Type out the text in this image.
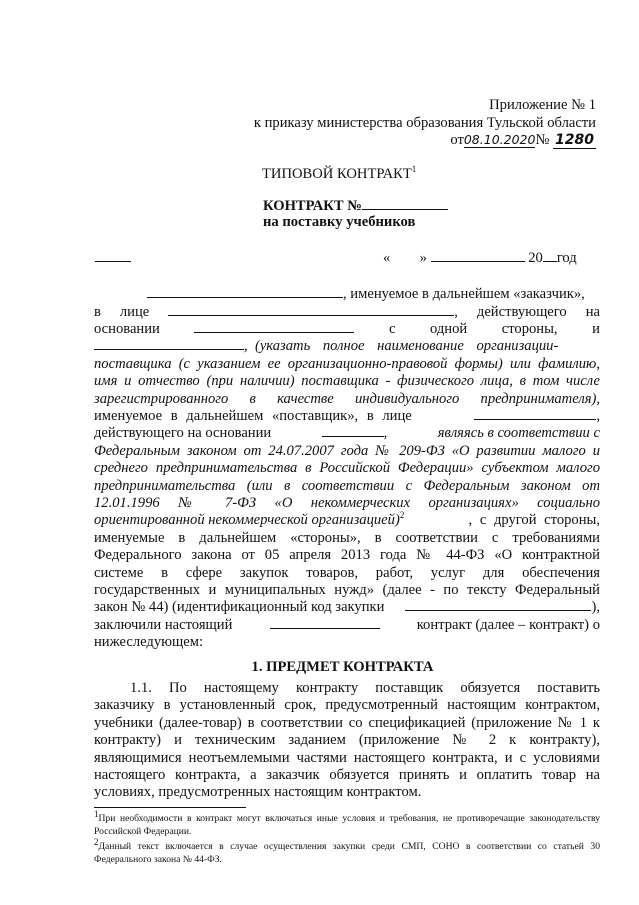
Приложение № 1
к приказу министерства образования Тульской области
от08.10.2020№ 1280
ТИПОВОЙ КОНТРАКТ$^1$
КОНТРАКТ №
на поставку учебников
« »	20 год
, именуемое в дальнейшем «заказчик»,
в лице	, действующего на
основании	с одной стороны, и
, (указать полное наименование организации-
поставщика (с указанием ее организационно-правовой формы) или фамилию,
имя и отчество (при наличии) поставщика - физического лица, в том числе
зарегистрированного в качестве индивидуального предпринимателя),
именуемое в дальнейшем «поставщик», в лице	,
действующего на основании	,	являясь в соответствии с
Федеральным законом от 24.07.2007 года № 209-ФЗ «О развитии малого и
среднего предпринимательства в Российской Федерации» субъектом малого
предпринимательства (или в соответствии с Федеральным законом от
12.01.1996 № 7-ФЗ «О некоммерческих организациях» социально
ориентированной некоммерческой организацией)$^2$	, с другой стороны,
именуемые в дальнейшем «стороны», в соответствии с требованиями
Федерального закона от 05 апреля 2013 года № 44-ФЗ «О контрактной
системе в сфере закупок товаров, работ, услуг для обеспечения
государственных и муниципальных нужд» (далее - по тексту Федеральный
закон № 44) (идентификационный код закупки	),
заключили настоящий	контракт (далее – контракт) о
нижеследующем:
1. ПРЕДМЕТ КОНТРАКТА
1.1. По настоящему контракту поставщик обязуется поставить
заказчику в установленный срок, предусмотренный настоящим контрактом,
учебники (далее-товар) в соответствии со спецификацией (приложение № 1 к
контракту) и техническим заданием (приложение № 2 к контракту),
являющимися неотъемлемыми частями настоящего контракта, и с условиями
настоящего контракта, а заказчик обязуется принять и оплатить товар на
условиях, предусмотренных настоящим контрактом.
$^1$При необходимости в контракт могут включаться иные условия и требования, не противоречащие законодательству Российской Федерации.
$^2$Данный текст включается в случае осуществления закупки среди СМП, СОНО в соответствии со статьей 30 Федерального закона № 44-ФЗ.
